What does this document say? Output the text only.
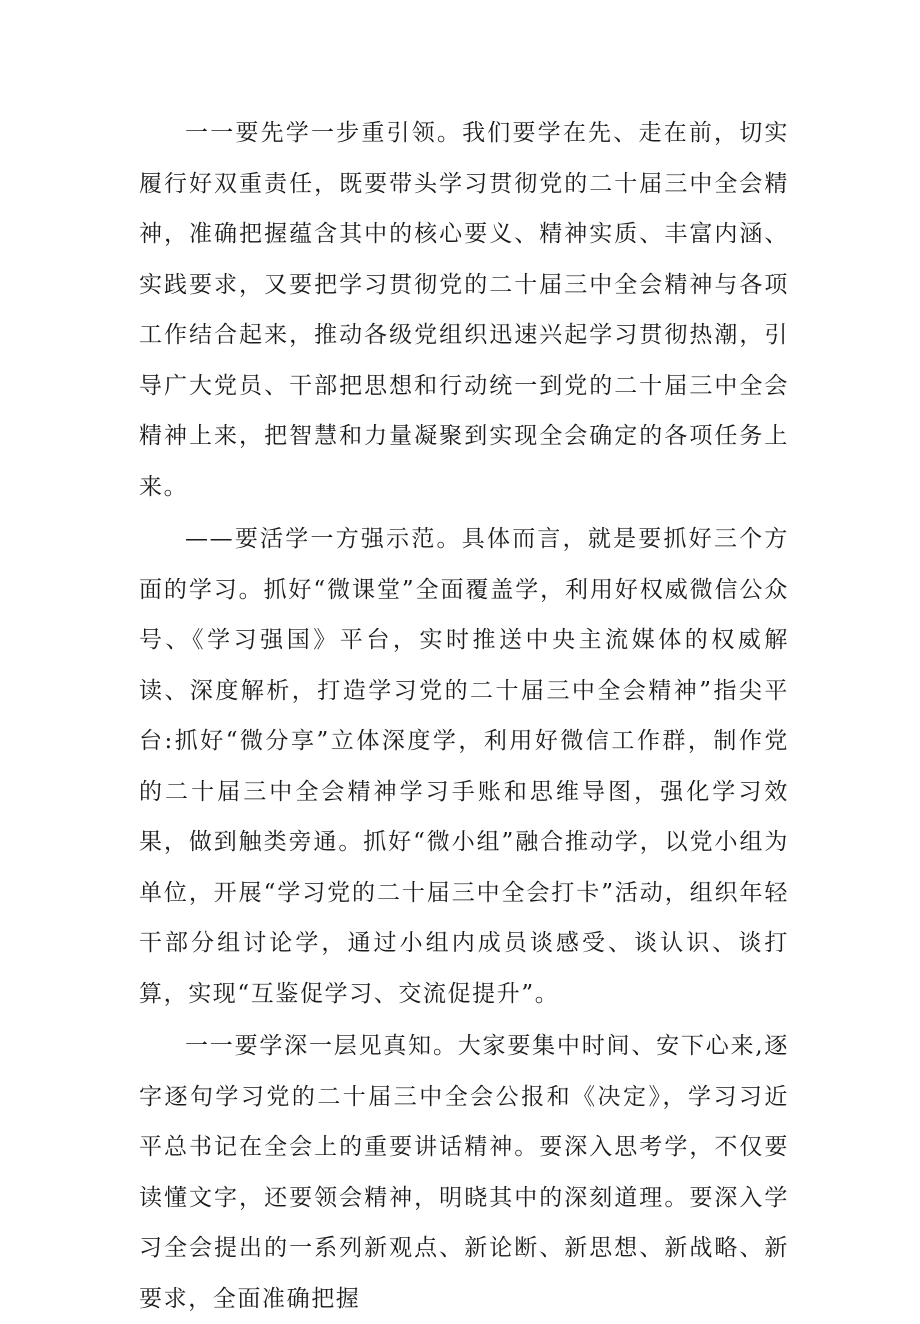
一一要先学一步重引领。我们要学在先、走在前，切实履行好双重责任，既要带头学习贯彻党的二十届三中全会精神，准确把握蕴含其中的核心要义、精神实质、丰富内涵、实践要求，又要把学习贯彻党的二十届三中全会精神与各项工作结合起来，推动各级党组织迅速兴起学习贯彻热潮，引导广大党员、干部把思想和行动统一到党的二十届三中全会精神上来，把智慧和力量凝聚到实现全会确定的各项任务上来。

——要活学一方强示范。具体而言，就是要抓好三个方面的学习。抓好“微课堂”全面覆盖学，利用好权威微信公众号、《学习强国》平台，实时推送中央主流媒体的权威解读、深度解析，打造学习党的二十届三中全会精神”指尖平台:抓好“微分享”立体深度学，利用好微信工作群，制作党的二十届三中全会精神学习手账和思维导图，强化学习效果，做到触类旁通。抓好“微小组”融合推动学，以党小组为单位，开展“学习党的二十届三中全会打卡”活动，组织年轻干部分组讨论学，通过小组内成员谈感受、谈认识、谈打算，实现“互鉴促学习、交流促提升”。

一一要学深一层见真知。大家要集中时间、安下心来,逐字逐句学习党的二十届三中全会公报和《决定》，学习习近平总书记在全会上的重要讲话精神。要深入思考学，不仅要读懂文字，还要领会精神，明晓其中的深刻道理。要深入学习全会提出的一系列新观点、新论断、新思想、新战略、新要求，全面准确把握
